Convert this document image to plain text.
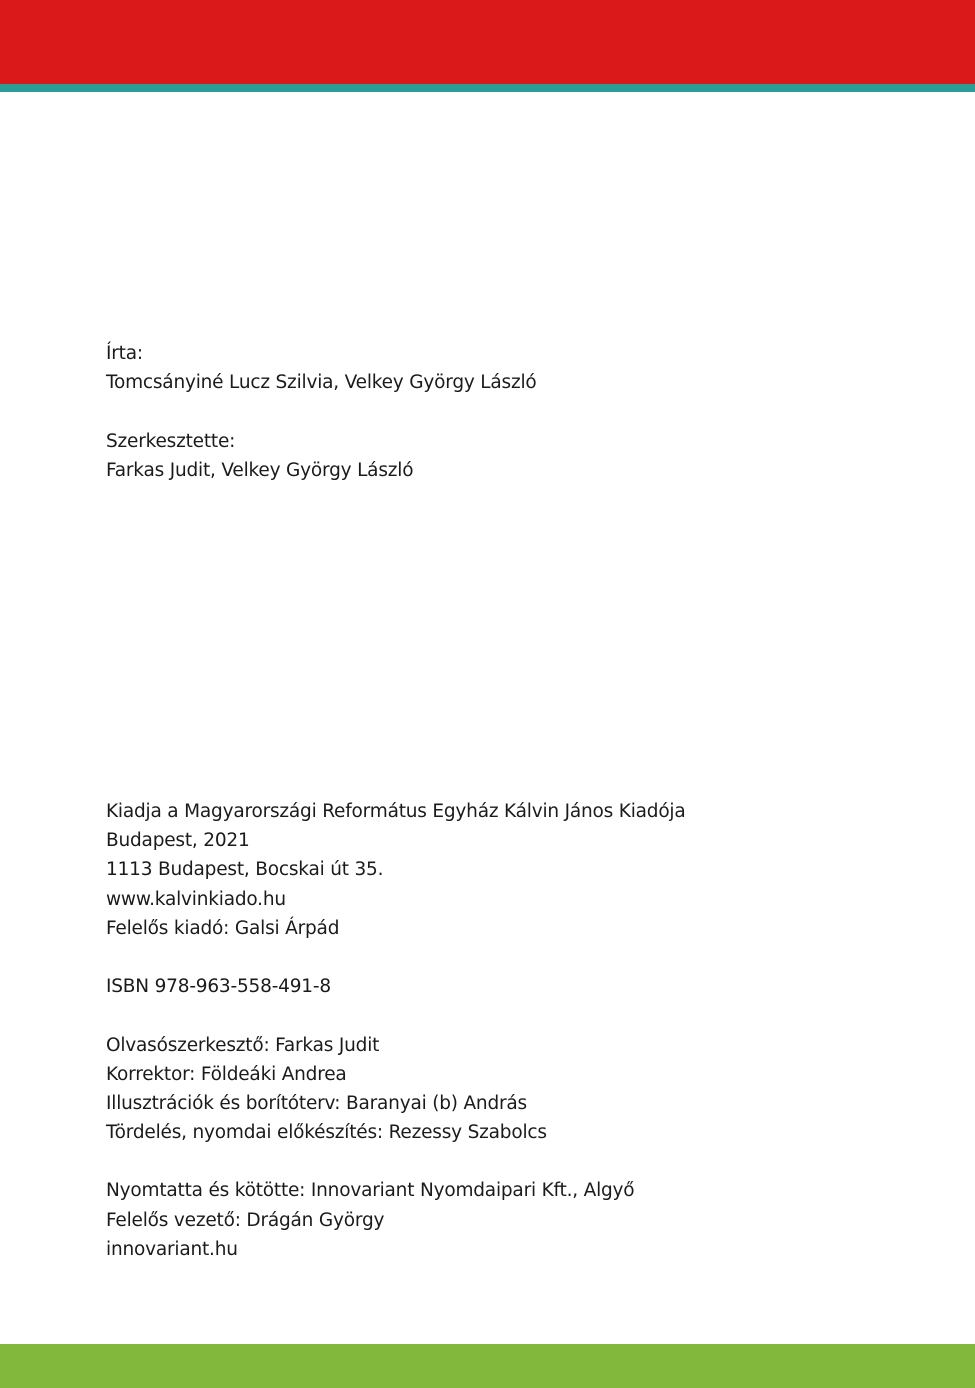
Írta:
Tomcsányiné Lucz Szilvia, Velkey György László
Szerkesztette:
Farkas Judit, Velkey György László
Kiadja a Magyarországi Református Egyház Kálvin János Kiadója
Budapest, 2021
1113 Budapest, Bocskai út 35.
www.kalvinkiado.hu
Felelős kiadó: Galsi Árpád
ISBN 978-963-558-491-8
Olvasószerkesztő: Farkas Judit
Korrektor: Földeáki Andrea
Illusztrációk és borítóterv: Baranyai (b) András
Tördelés, nyomdai előkészítés: Rezessy Szabolcs
Nyomtatta és kötötte: Innovariant Nyomdaipari Kft., Algyő
Felelős vezető: Drágán György
innovariant.hu
